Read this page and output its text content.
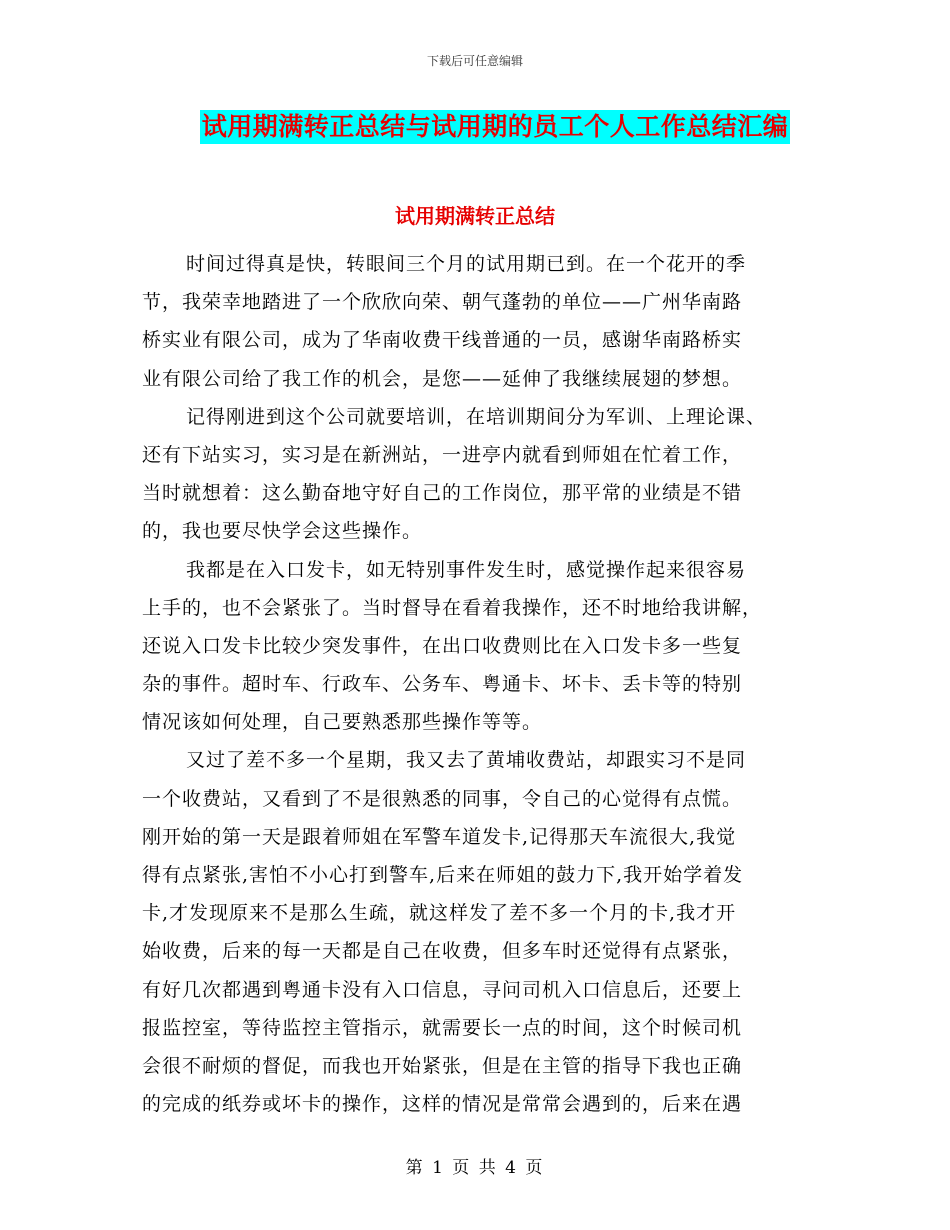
下载后可任意编辑
试用期满转正总结与试用期的员工个人工作总结汇编
试用期满转正总结
时间过得真是快，转眼间三个月的试用期已到。在一个花开的季
节，我荣幸地踏进了一个欣欣向荣、朝气蓬勃的单位——广州华南路
桥实业有限公司，成为了华南收费干线普通的一员，感谢华南路桥实
业有限公司给了我工作的机会，是您——延伸了我继续展翅的梦想。
记得刚进到这个公司就要培训，在培训期间分为军训、上理论课、
还有下站实习，实习是在新洲站，一进亭内就看到师姐在忙着工作，
当时就想着：这么勤奋地守好自己的工作岗位，那平常的业绩是不错
的，我也要尽快学会这些操作。
我都是在入口发卡，如无特别事件发生时，感觉操作起来很容易
上手的，也不会紧张了。当时督导在看着我操作，还不时地给我讲解，
还说入口发卡比较少突发事件，在出口收费则比在入口发卡多一些复
杂的事件。超时车、行政车、公务车、粤通卡、坏卡、丢卡等的特别
情况该如何处理，自己要熟悉那些操作等等。
又过了差不多一个星期，我又去了黄埔收费站，却跟实习不是同
一个收费站，又看到了不是很熟悉的同事，令自己的心觉得有点慌。
刚开始的第一天是跟着师姐在军警车道发卡,记得那天车流很大,我觉
得有点紧张,害怕不小心打到警车,后来在师姐的鼓力下,我开始学着发
卡,才发现原来不是那么生疏，就这样发了差不多一个月的卡,我才开
始收费，后来的每一天都是自己在收费，但多车时还觉得有点紧张，
有好几次都遇到粤通卡没有入口信息，寻问司机入口信息后，还要上
报监控室，等待监控主管指示，就需要长一点的时间，这个时候司机
会很不耐烦的督促，而我也开始紧张，但是在主管的指导下我也正确
的完成的纸券或坏卡的操作，这样的情况是常常会遇到的，后来在遇
第 1 页 共 4 页
